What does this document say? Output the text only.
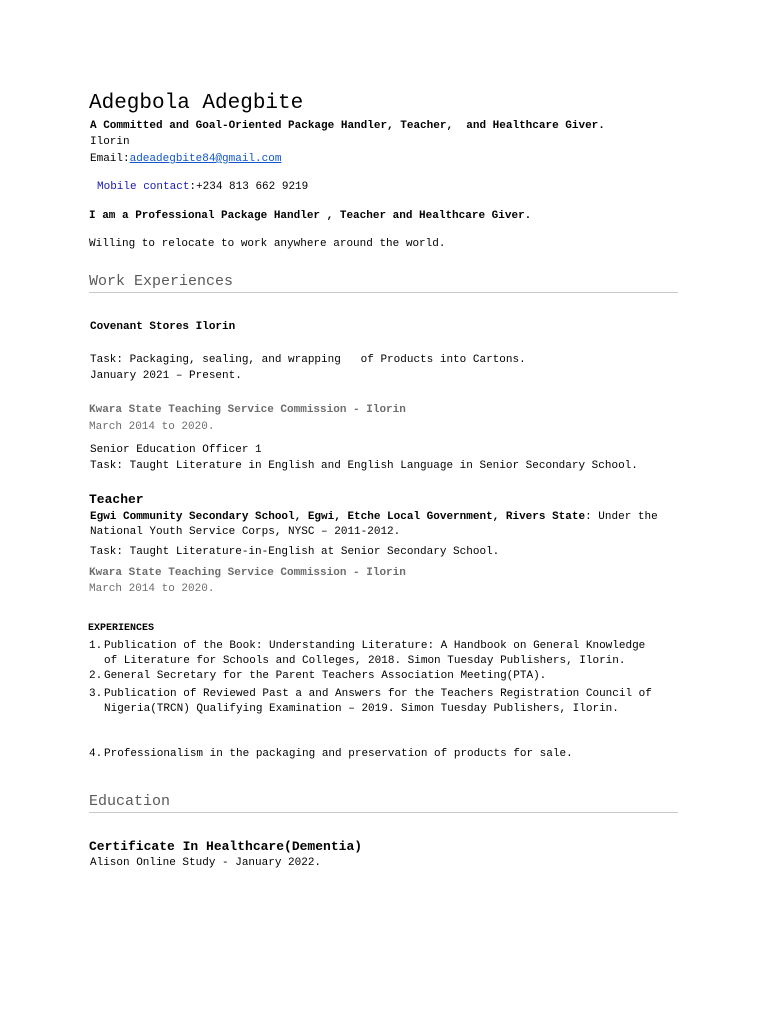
Adegbola Adegbite
A Committed and Goal-Oriented Package Handler, Teacher,  and Healthcare Giver.
Ilorin
Email:adeadegbite84@gmail.com
Mobile contact:+234 813 662 9219
I am a Professional Package Handler , Teacher and Healthcare Giver.
Willing to relocate to work anywhere around the world.
Work Experiences
Covenant Stores Ilorin
Task: Packaging, sealing, and wrapping   of Products into Cartons.
January 2021 – Present.
Kwara State Teaching Service Commission - Ilorin
March 2014 to 2020.
Senior Education Officer 1
Task: Taught Literature in English and English Language in Senior Secondary School.
Teacher
Egwi Community Secondary School, Egwi, Etche Local Government, Rivers State: Under the
National Youth Service Corps, NYSC – 2011-2012.
Task: Taught Literature-in-English at Senior Secondary School.
Kwara State Teaching Service Commission - Ilorin
March 2014 to 2020.
EXPERIENCES
1. Publication of the Book: Understanding Literature: A Handbook on General Knowledge
of Literature for Schools and Colleges, 2018. Simon Tuesday Publishers, Ilorin.
2. General Secretary for the Parent Teachers Association Meeting(PTA).
3. Publication of Reviewed Past a and Answers for the Teachers Registration Council of
Nigeria(TRCN) Qualifying Examination – 2019. Simon Tuesday Publishers, Ilorin.
4. Professionalism in the packaging and preservation of products for sale.
Education
Certificate In Healthcare(Dementia)
Alison Online Study - January 2022.
